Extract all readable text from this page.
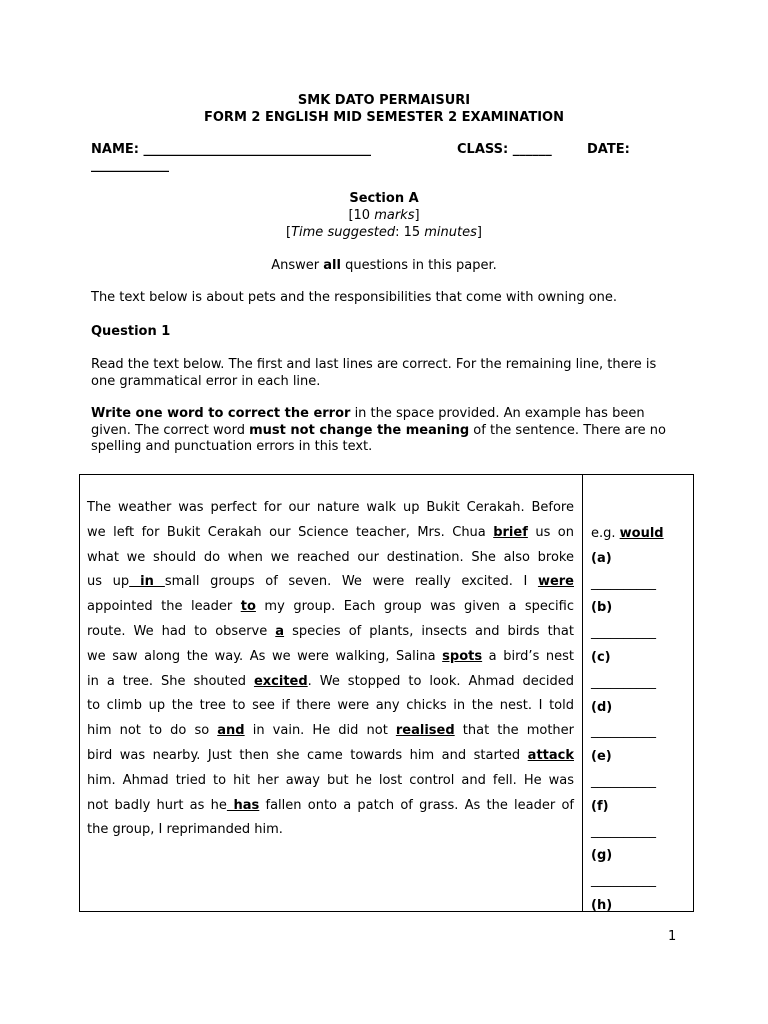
SMK DATO PERMAISURI
FORM 2 ENGLISH MID SEMESTER 2 EXAMINATION
NAME: ___________________________________	CLASS: ______	DATE:
____________
Section A
[10 marks]
[Time suggested: 15 minutes]
Answer all questions in this paper.
The text below is about pets and the responsibilities that come with owning one.
Question 1
Read the text below. The first and last lines are correct. For the remaining line, there is one grammatical error in each line.
Write one word to correct the error in the space provided. An example has been given. The correct word must not change the meaning of the sentence. There are no spelling and punctuation errors in this text.
The weather was perfect for our nature walk up Bukit Cerakah. Before
we left for Bukit Cerakah our Science teacher, Mrs. Chua brief us on
what we should do when we reached our destination. She also broke
us up in small groups of seven. We were really excited. I were
appointed the leader to my group. Each group was given a specific
route. We had to observe a species of plants, insects and birds that
we saw along the way. As we were walking, Salina spots a bird’s nest
in a tree. She shouted excited. We stopped to look. Ahmad decided
to climb up the tree to see if there were any chicks in the nest. I told
him not to do so and in vain. He did not realised that the mother
bird was nearby. Just then she came towards him and started attack
him. Ahmad tried to hit her away but he lost control and fell. He was
not badly hurt as he has fallen onto a patch of grass. As the leader of
the group, I reprimanded him.
e.g. would
(a)
__________
(b)
__________
(c)
__________
(d)
__________
(e)
__________
(f)
__________
(g)
__________
(h)
1
